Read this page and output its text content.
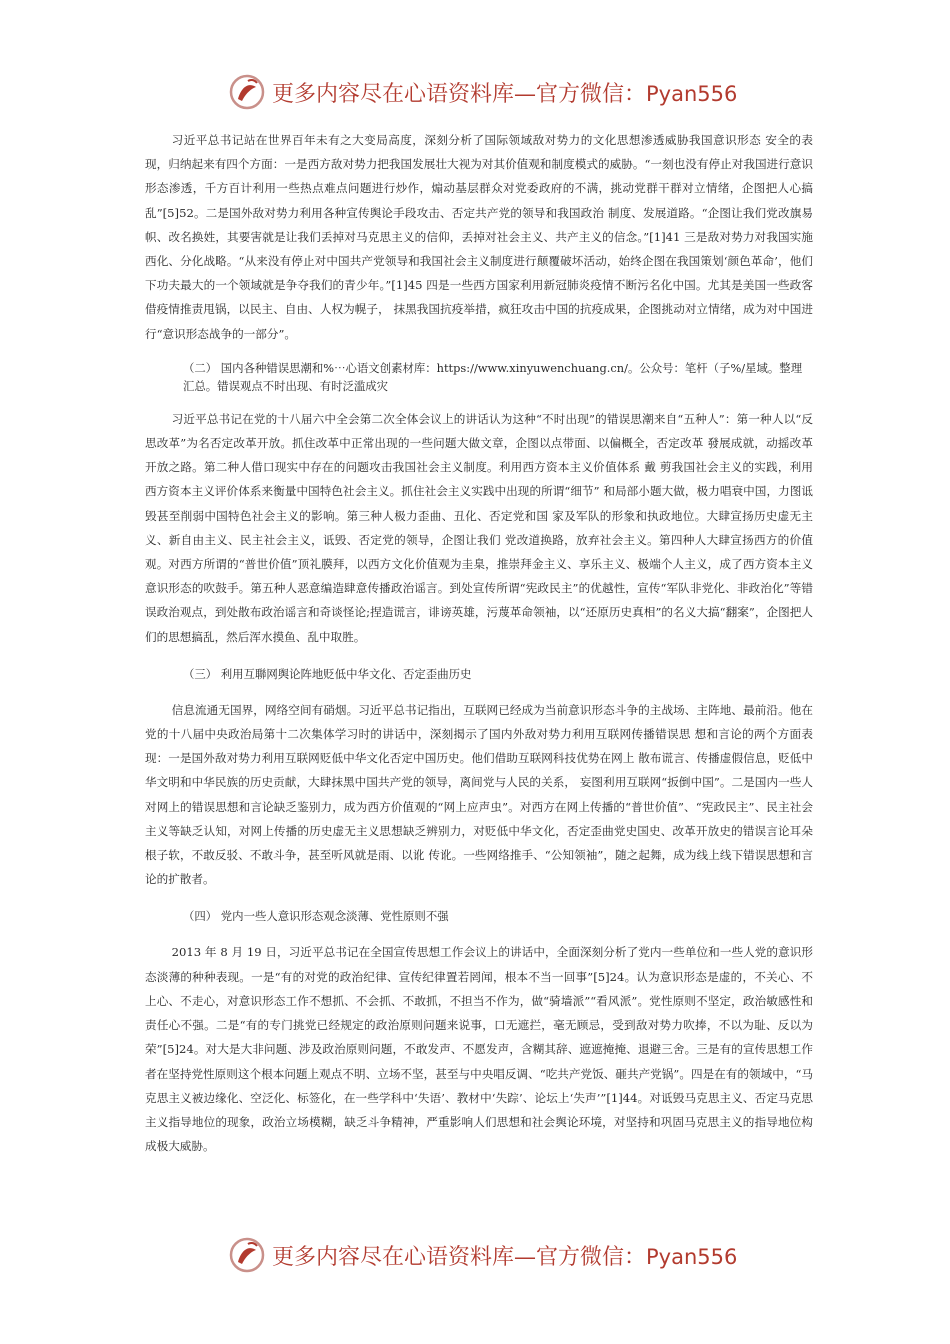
更多内容尽在心语资料库—官方微信：Pyan556

习近平总书记站在世界百年未有之大变局高度，深刻分析了国际领域敌对势力的文化思想渗透威胁我国意识形态 安全的表现，归纳起来有四个方面：一是西方敌对势力把我国发展壮大视为对其价值观和制度模式的威胁。“一刻也没有停止对我国进行意识形态渗透，千方百计利用一些热点难点问题进行炒作，煽动基层群众对党委政府的不满，挑动党群干群对立情绪，企图把人心搞乱”[5]52。二是国外敌对势力利用各种宣传舆论手段攻击、否定共产党的领导和我国政治 制度、发展道路。“企图让我们党改旗易帜、改名换姓，其要害就是让我们丢掉对马克思主义的信仰，丢掉对社会主义、共产主义的信念。”[1]41 三是敌对势力对我国实施西化、分化战略。“从来没有停止对中国共产党领导和我国社会主义制度进行颠覆破坏活动，始终企图在我国策划‘颜色革命’，他们下功夫最大的一个领域就是争夺我们的青少年。”[1]45 四是一些西方国家利用新冠肺炎疫情不断污名化中国。尤其是美国一些政客借疫情推责甩锅，以民主、自由、人权为幌子， 抹黑我国抗疫举措，疯狂攻击中国的抗疫成果，企图挑动对立情绪，成为对中国进行“意识形态战争的一部分”。

（二） 国内各种错误思潮和%⋯心语文创素材库：https://www.xinyuwenchuang.cn/。公众号：笔杆（子%/星域。整理汇总。错误观点不时出现、有时泛滥成灾

习近平总书记在党的十八届六中全会第二次全体会议上的讲话认为这种“不时出现”的错误思潮来自“五种人”：第一种人以“反思改革”为名否定改革开放。抓住改革中正常出现的一些问题大做文章，企图以点带面、以偏概全，否定改革 發展成就，动摇改革开放之路。第二种人借口现实中存在的问题攻击我国社会主义制度。利用西方资本主义价值体系 戴 剪我国社会主义的实践，利用西方资本主义评价体系来衡量中国特色社会主义。抓住社会主义实践中出现的所谓“细节” 和局部小题大做，极力唱衰中国，力图诋毁甚至削弱中国特色社会主义的影响。第三种人极力歪曲、丑化、否定党和国 家及军队的形象和执政地位。大肆宣扬历史虚无主义、新自由主义、民主社会主义，诋毁、否定党的领导，企图让我们 党改道换路，放弃社会主义。第四种人大肆宣扬西方的价值观。对西方所谓的“普世价值”顶礼膜拜，以西方文化价值观为圭臬，推崇拜金主义、享乐主义、极端个人主义，成了西方资本主义意识形态的吹鼓手。第五种人恶意编造肆意传播政治谣言。到处宣传所谓“宪政民主”的优越性，宣传“军队非党化、非政治化”等错误政治观点，到处散布政治谣言和奇谈怪论;捏造谎言，诽谤英雄，污蔑革命领袖，以“还原历史真相”的名义大搞“翻案”，企图把人们的思想搞乱，然后浑水摸鱼、乱中取胜。

（三） 利用互聯网舆论阵地贬低中华文化、否定歪曲历史

信息流通无国界，网络空间有硝烟。习近平总书记指出，互联网已经成为当前意识形态斗争的主战场、主阵地、最前沿。他在党的十八届中央政治局第十二次集体学习时的讲话中，深刻揭示了国内外敌对势力利用互联网传播错误思 想和言论的两个方面表现：一是国外敌对势力利用互联网贬低中华文化否定中国历史。他们借助互联网科技优势在网上 散布谎言、传播虚假信息，贬低中华文明和中华民族的历史贡献，大肆抹黑中国共产党的领导，离间党与人民的关系， 妄图利用互联网“扳倒中国”。二是国内一些人对网上的错误思想和言论缺乏鉴别力，成为西方价值观的“网上应声虫”。对西方在网上传播的“普世价值”、“宪政民主”、民主社会主义等缺乏认知，对网上传播的历史虚无主义思想缺乏辨别力，对贬低中华文化，否定歪曲党史国史、改革开放史的错误言论耳朵根子软，不敢反驳、不敢斗争，甚至听风就是雨、以讹 传讹。一些网络推手、“公知领袖”，随之起舞，成为线上线下错误思想和言论的扩散者。

（四） 党内一些人意识形态观念淡薄、党性原则不强

2013 年 8 月 19 日，习近平总书记在全国宣传思想工作会议上的讲话中，全面深刻分析了党内一些单位和一些人党的意识形态淡薄的种种表现。一是“有的对党的政治纪律、宣传纪律置若罔闻，根本不当一回事”[5]24。认为意识形态是虚的，不关心、不上心、不走心，对意识形态工作不想抓、不会抓、不敢抓，不担当不作为，做“骑墙派”“看风派”。党性原则不坚定，政治敏感性和责任心不强。二是“有的专门挑党已经规定的政治原则问题来说事，口无遮拦，毫无顾忌，受到敌对势力吹捧，不以为耻、反以为荣”[5]24。对大是大非问题、涉及政治原则问题，不敢发声、不愿发声，含糊其辞、遮遮掩掩、退避三舍。三是有的宣传思想工作者在坚持党性原则这个根本问题上观点不明、立场不坚，甚至与中央唱反调、“吃共产党饭、砸共产党锅”。四是在有的领域中，“马克思主义被边缘化、空泛化、标签化，在一些学科中‘失语’、教材中‘失踪’、论坛上‘失声’”[1]44。对诋毁马克思主义、否定马克思主义指导地位的现象，政治立场模糊，缺乏斗争精神，严重影响人们思想和社会舆论环境，对坚持和巩固马克思主义的指导地位构成极大威胁。

更多内容尽在心语资料库—官方微信：Pyan556
